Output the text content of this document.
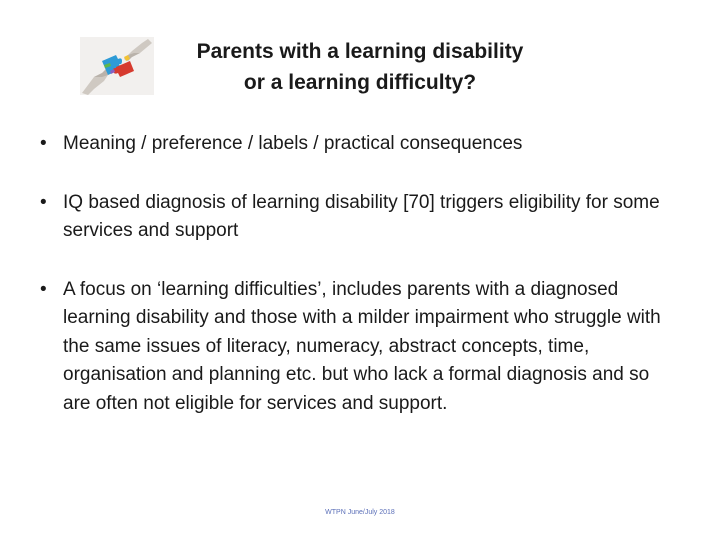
Parents with a learning disability
or a learning difficulty?
• Meaning / preference / labels / practical consequences
• IQ based diagnosis of learning disability [70] triggers eligibility for some services and support
• A focus on ‘learning difficulties’, includes parents with a diagnosed learning disability and those with a milder impairment who struggle with the same issues of literacy, numeracy, abstract concepts, time, organisation and planning etc. but who lack a formal diagnosis and so are often not eligible for services and support.
WTPN June/July 2018
